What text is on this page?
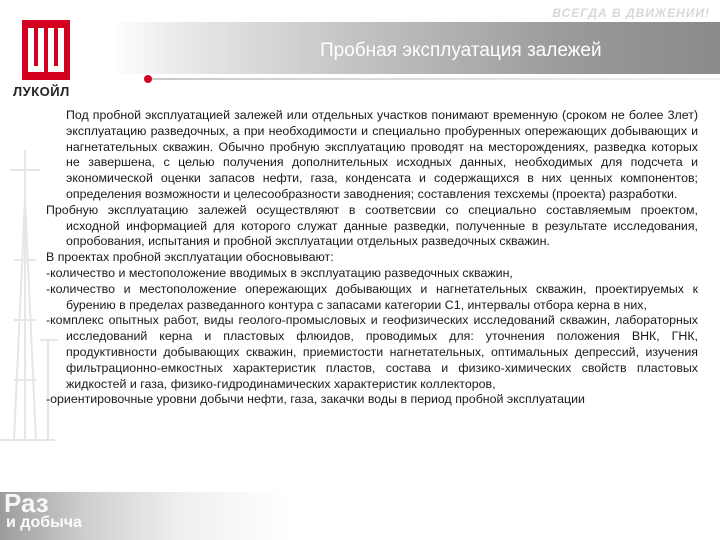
Раз
и добыча
Пробная эксплуатация залежей
ВСЕГДА В ДВИЖЕНИИ!
ЛУКОЙЛ

Под пробной эксплуатацией залежей или отдельных участков понимают временную (сроком не более 3лет) эксплуатацию разведочных, а при необходимости и специально пробуренных опережающих добывающих и нагнетательных скважин. Обычно пробную эксплуатацию проводят на месторождениях, разведка которых не завершена, с целью получения дополнительных исходных данных, необходимых для подсчета и экономической оценки запасов нефти, газа, конденсата и содержащихся в них ценных компонентов; определения возможности и целесообразности заводнения; составления техсхемы (проекта) разработки.

Пробную эксплуатацию залежей осуществляют в соответсвии со специально составляемым проектом, исходной информацией для которого служат данные разведки, полученные в результате исследования, опробования, испытания и пробной эксплуатации отдельных разведочных скважин.

В проектах пробной эксплуатации обосновывают:

-количество и местоположение вводимых в эксплуатацию разведочных скважин,

-количество и местоположение опережающих добывающих и нагнетательных скважин, проектируемых к бурению в пределах разведанного контура с запасами категории С1, интервалы отбора керна в них,

-комплекс опытных работ, виды геолого-промысловых и геофизических исследований скважин, лабораторных исследований керна и пластовых флюидов, проводимых для: уточнения положения ВНК, ГНК, продуктивности добывающих скважин, приемистости нагнетательных, оптимальных депрессий, изучения фильтрационно-емкостных характеристик пластов, состава и физико-химических свойств пластовых жидкостей и газа, физико-гидродинамических характеристик коллекторов,

-ориентировочные уровни добычи нефти, газа, закачки воды в период пробной эксплуатации
